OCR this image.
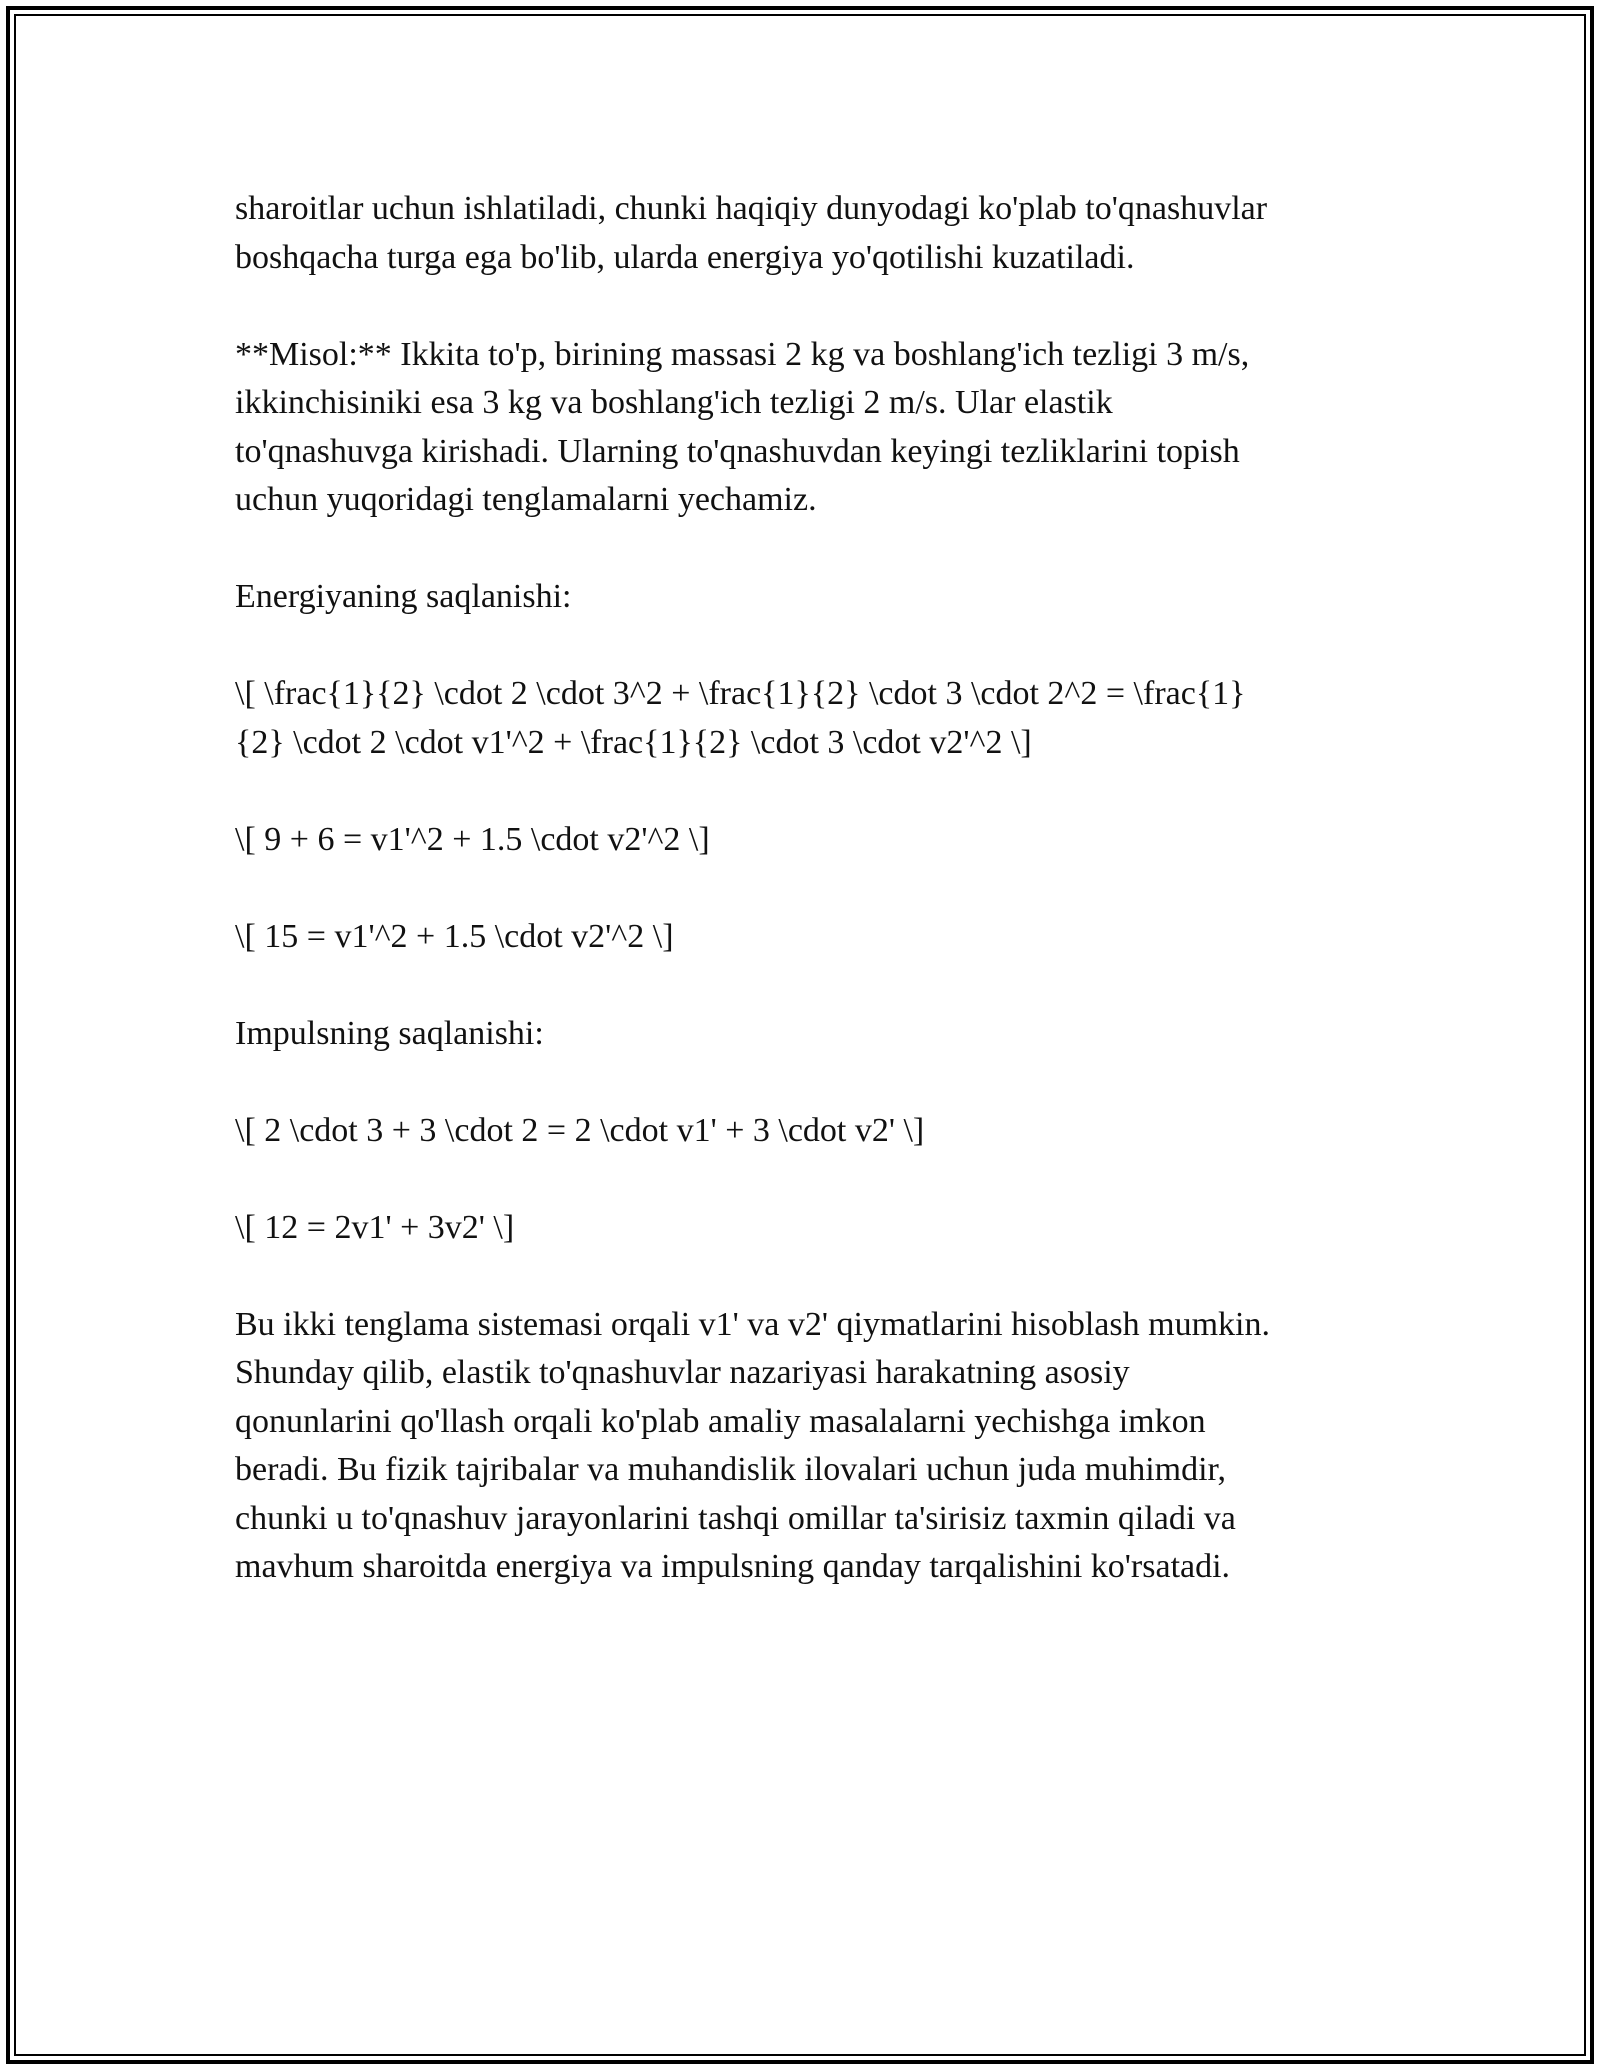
sharoitlar uchun ishlatiladi, chunki haqiqiy dunyodagi ko'plab to'qnashuvlar
boshqacha turga ega bo'lib, ularda energiya yo'qotilishi kuzatiladi.

**Misol:** Ikkita to'p, birining massasi 2 kg va boshlang'ich tezligi 3 m/s,
ikkinchisiniki esa 3 kg va boshlang'ich tezligi 2 m/s. Ular elastik
to'qnashuvga kirishadi. Ularning to'qnashuvdan keyingi tezliklarini topish
uchun yuqoridagi tenglamalarni yechamiz.

Energiyaning saqlanishi:

\[ \frac{1}{2} \cdot 2 \cdot 3^2 + \frac{1}{2} \cdot 3 \cdot 2^2 = \frac{1}
{2} \cdot 2 \cdot v1'^2 + \frac{1}{2} \cdot 3 \cdot v2'^2 \]

\[ 9 + 6 = v1'^2 + 1.5 \cdot v2'^2 \]

\[ 15 = v1'^2 + 1.5 \cdot v2'^2 \]

Impulsning saqlanishi:

\[ 2 \cdot 3 + 3 \cdot 2 = 2 \cdot v1' + 3 \cdot v2' \]

\[ 12 = 2v1' + 3v2' \]

Bu ikki tenglama sistemasi orqali v1' va v2' qiymatlarini hisoblash mumkin.
Shunday qilib, elastik to'qnashuvlar nazariyasi harakatning asosiy
qonunlarini qo'llash orqali ko'plab amaliy masalalarni yechishga imkon
beradi. Bu fizik tajribalar va muhandislik ilovalari uchun juda muhimdir,
chunki u to'qnashuv jarayonlarini tashqi omillar ta'sirisiz taxmin qiladi va
mavhum sharoitda energiya va impulsning qanday tarqalishini ko'rsatadi.
